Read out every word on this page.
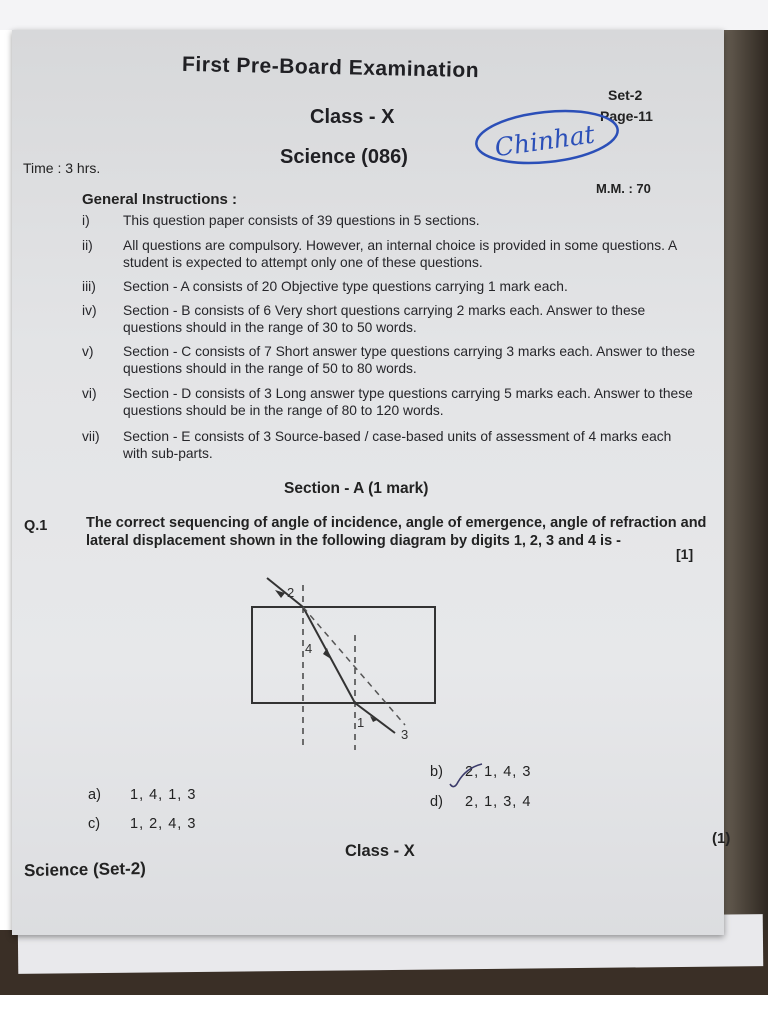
First Pre-Board Examination
Class - X
Science (086)
Set-2
Page-11
Chinhat
Time : 3 hrs.
M.M. : 70
General Instructions :
i)	This question paper consists of 39 questions in 5 sections.
ii)	All questions are compulsory. However, an internal choice is provided in some questions. A student is expected to attempt only one of these questions.
iii)	Section - A consists of 20 Objective type questions carrying 1 mark each.
iv)	Section - B consists of 6 Very short questions carrying 2 marks each. Answer to these questions should in the range of 30 to 50 words.
v)	Section - C consists of 7 Short answer type questions carrying 3 marks each. Answer to these questions should in the range of 50 to 80 words.
vi)	Section - D consists of 3 Long answer type questions carrying 5 marks each. Answer to these questions should be in the range of 80 to 120 words.
vii)	Section - E consists of 3 Source-based / case-based units of assessment of 4 marks each with sub-parts.
Section - A (1 mark)
Q.1	The correct sequencing of angle of incidence, angle of emergence, angle of refraction and lateral displacement shown in the following diagram by digits 1, 2, 3 and 4 is -
[1]
2
4
1
3
a) 1, 4, 1, 3
b) 2, 1, 4, 3
c) 1, 2, 4, 3
d) 2, 1, 3, 4
Science (Set-2)
Class - X
(1)
